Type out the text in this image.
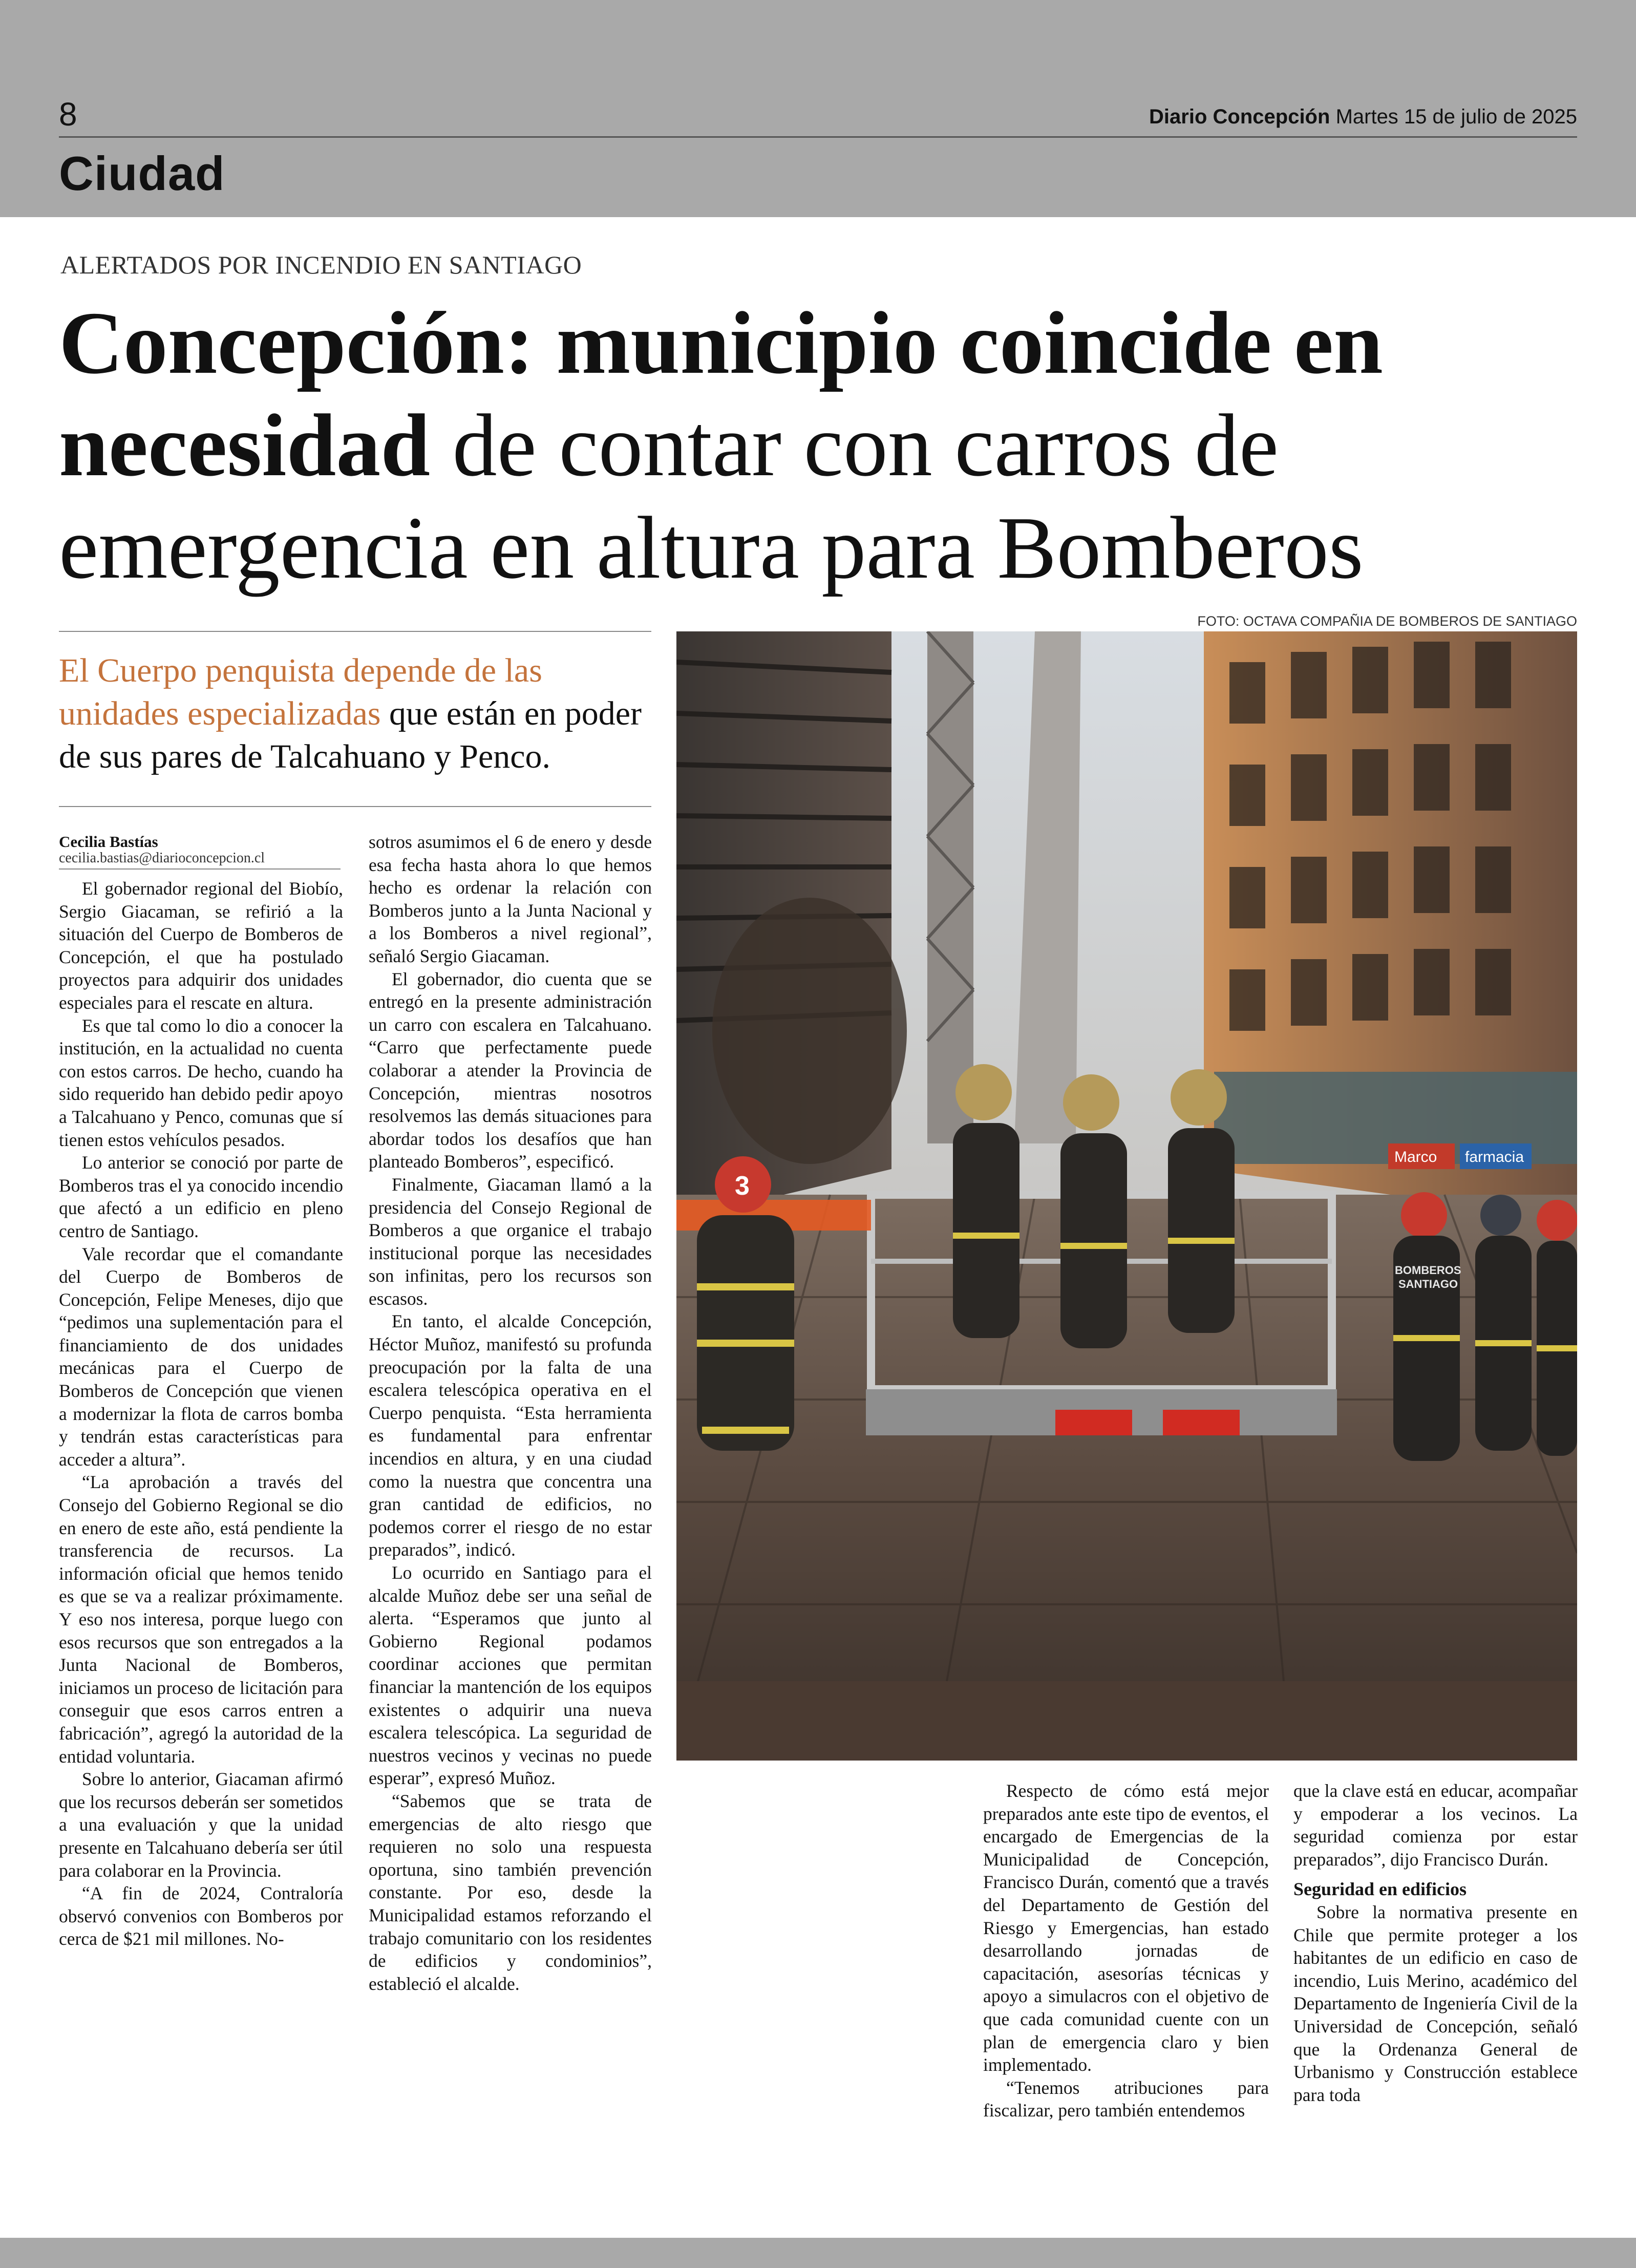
8	Diario Concepción Martes 15 de julio de 2025
Ciudad
ALERTADOS POR INCENDIO EN SANTIAGO
Concepción: municipio coincide en
necesidad de contar con carros de
emergencia en altura para Bomberos
FOTO: OCTAVA COMPAÑIA DE BOMBEROS DE SANTIAGO
farmacia
Marco
3
BOMBEROS
SANTIAGO
El Cuerpo penquista depende de las unidades especializadas que están en poder de sus pares de Talcahuano y Penco.
Cecilia Bastías
cecilia.bastias@diarioconcepcion.cl

El gobernador regional del Biobío, Sergio Giacaman, se refirió a la situación del Cuerpo de Bomberos de Concepción, el que ha postulado proyectos para adquirir dos unidades especiales para el rescate en altura.

Es que tal como lo dio a conocer la institución, en la actualidad no cuenta con estos carros. De hecho, cuando ha sido requerido han debido pedir apoyo a Talcahuano y Penco, comunas que sí tienen estos vehículos pesados.

Lo anterior se conoció por parte de Bomberos tras el ya conocido incendio que afectó a un edificio en pleno centro de Santiago.

Vale recordar que el comandante del Cuerpo de Bomberos de Concepción, Felipe Meneses, dijo que “pedimos una suplementación para el financiamiento de dos unidades mecánicas para el Cuerpo de Bomberos de Concepción que vienen a modernizar la flota de carros bomba y tendrán estas características para acceder a altura”.

“La aprobación a través del Consejo del Gobierno Regional se dio en enero de este año, está pendiente la transferencia de recursos. La información oficial que hemos tenido es que se va a realizar próximamente. Y eso nos interesa, porque luego con esos recursos que son entregados a la Junta Nacional de Bomberos, iniciamos un proceso de licitación para conseguir que esos carros entren a fabricación”, agregó la autoridad de la entidad voluntaria.

Sobre lo anterior, Giacaman afirmó que los recursos deberán ser sometidos a una evaluación y que la unidad presente en Talcahuano debería ser útil para colaborar en la Provincia.

“A fin de 2024, Contraloría observó convenios con Bomberos por cerca de $21 mil millones. No-

sotros asumimos el 6 de enero y desde esa fecha hasta ahora lo que hemos hecho es ordenar la relación con Bomberos junto a la Junta Nacional y a los Bomberos a nivel regional”, señaló Sergio Giacaman.

El gobernador, dio cuenta que se entregó en la presente administración un carro con escalera en Talcahuano. “Carro que perfectamente puede colaborar a atender la Provincia de Concepción, mientras nosotros resolvemos las demás situaciones para abordar todos los desafíos que han planteado Bomberos”, especificó.

Finalmente, Giacaman llamó a la presidencia del Consejo Regional de Bomberos a que organice el trabajo institucional porque las necesidades son infinitas, pero los recursos son escasos.

En tanto, el alcalde Concepción, Héctor Muñoz, manifestó su profunda preocupación por la falta de una escalera telescópica operativa en el Cuerpo penquista. “Esta herramienta es fundamental para enfrentar incendios en altura, y en una ciudad como la nuestra que concentra una gran cantidad de edificios, no podemos correr el riesgo de no estar preparados”, indicó.

Lo ocurrido en Santiago para el alcalde Muñoz debe ser una señal de alerta. “Esperamos que junto al Gobierno Regional podamos coordinar acciones que permitan financiar la mantención de los equipos existentes o adquirir una nueva escalera telescópica. La seguridad de nuestros vecinos y vecinas no puede esperar”, expresó Muñoz.

“Sabemos que se trata de emergencias de alto riesgo que requieren no solo una respuesta oportuna, sino también prevención constante. Por eso, desde la Municipalidad estamos reforzando el trabajo comunitario con los residentes de edificios y condominios”, estableció el alcalde.

Respecto de cómo está mejor preparados ante este tipo de eventos, el encargado de Emergencias de la Municipalidad de Concepción, Francisco Durán, comentó que a través del Departamento de Gestión del Riesgo y Emergencias, han estado desarrollando jornadas de capacitación, asesorías técnicas y apoyo a simulacros con el objetivo de que cada comunidad cuente con un plan de emergencia claro y bien implementado.

“Tenemos atribuciones para fiscalizar, pero también entendemos

que la clave está en educar, acompañar y empoderar a los vecinos. La seguridad comienza por estar preparados”, dijo Francisco Durán.

Seguridad en edificios

Sobre la normativa presente en Chile que permite proteger a los habitantes de un edificio en caso de incendio, Luis Merino, académico del Departamento de Ingeniería Civil de la Universidad de Concepción, señaló que la Ordenanza General de Urbanismo y Construcción establece para toda
